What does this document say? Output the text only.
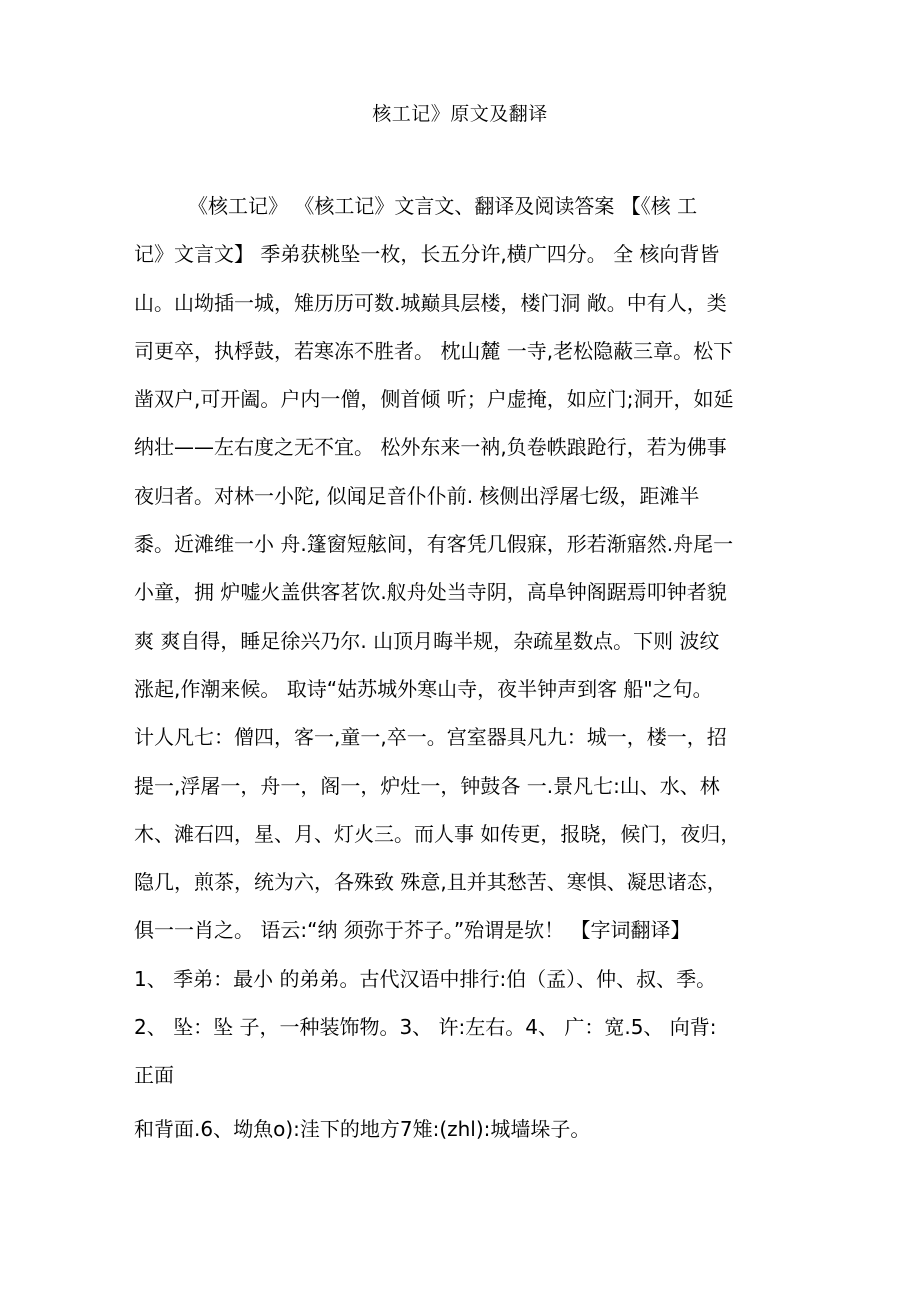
核工记》原文及翻译
《核工记》 《核工记》文言文、翻译及阅读答案 【《核 工
记》文言文】 季弟获桃坠一枚，长五分许,横广四分。 全 核向背皆
山。山坳插一城，雉历历可数.城巅具层楼，楼门洞 敞。中有人，类
司更卒，执桴鼓，若寒冻不胜者。 枕山麓 一寺,老松隐蔽三章。松下
凿双户,可开阖。户内一僧，侧首倾 听；户虚掩，如应门;洞开，如延
纳壮——左右度之无不宜。 松外东来一衲,负卷帙踉跄行，若为佛事
夜归者。对林一小陀, 似闻足音仆仆前. 核侧出浮屠七级，距滩半
黍。近滩维一小 舟.篷窗短舷间，有客凭几假寐，形若渐寤然.舟尾一
小童，拥 炉嘘火盖供客茗饮.舣舟处当寺阴，高阜钟阁踞焉叩钟者貌
爽 爽自得，睡足徐兴乃尔. 山顶月晦半规，杂疏星数点。下则 波纹
涨起,作潮来候。 取诗“姑苏城外寒山寺，夜半钟声到客 船"之句。
计人凡七：僧四，客一,童一,卒一。宫室器具凡九：城一，楼一，招
提一,浮屠一，舟一，阁一，炉灶一，钟鼓各 一.景凡七:山、水、林
木、滩石四，星、月、灯火三。而人事 如传更，报晓，候门，夜归，
隐几，煎茶，统为六，各殊致 殊意,且并其愁苦、寒惧、凝思诸态，
俱一一肖之。 语云:“纳 须弥于芥子。”殆谓是欤！ 【字词翻译】
1、 季弟：最小 的弟弟。古代汉语中排行:伯（孟）、仲、叔、季。
2、 坠：坠 子，一种装饰物。3、 许:左右。4、 广：宽.5、 向背:
正面
和背面.6、坳魚o):洼下的地方7雉:(zhl):城墙垛子。
